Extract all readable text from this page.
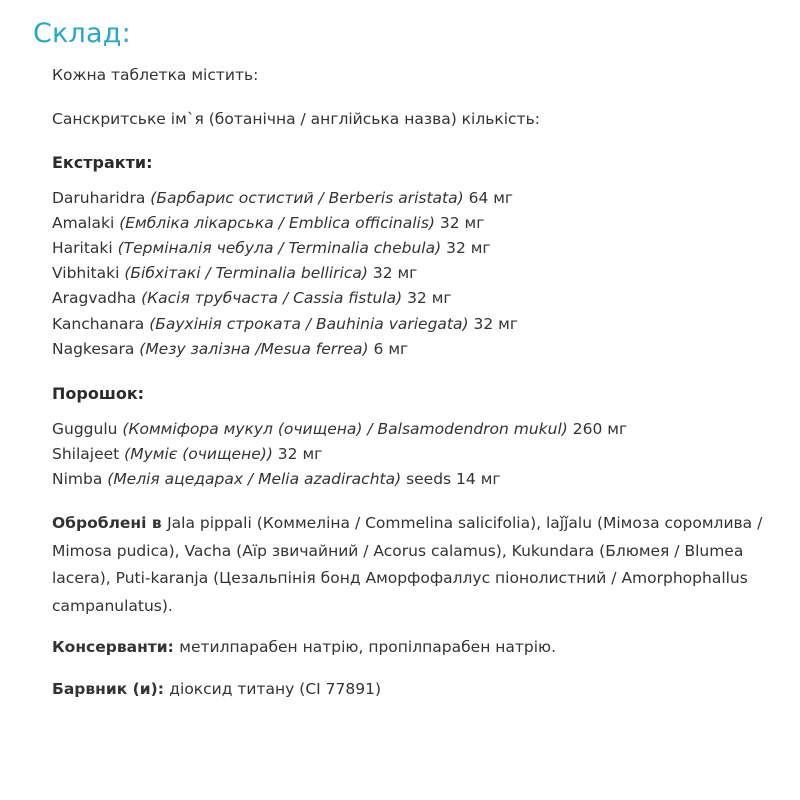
Склад:

Кожна таблетка містить:

Санскритське ім`я (ботанічна / англійська назва) кількість:

Екстракти:

Daruharidra (Барбарис остистий / Berberis aristata) 64 мг

Amalaki (Ембліка лікарська / Emblica officinalis) 32 мг

Haritaki (Термiналiя чебула / Terminalia chebula) 32 мг

Vibhitaki (Бібхітакі / Terminalia bellirica) 32 мг

Aragvadha (Касія трубчаста / Cassia fistula) 32 мг

Kanchanara (Баухінія строката / Bauhinia variegata) 32 мг

Nagkesara (Мезу залізна /Mesua ferrea) 6 мг

Порошок:

Guggulu (Коммiфора мукул (очищена) / Balsamodendron mukul) 260 мг

Shilajeet (Мумiє (очищене)) 32 мг

Nimba (Мелія ацедарах / Melia azadirachta) seeds 14 мг

Оброблені в Jala pippali (Коммеліна / Commelina salicifolia), laǰǰalu (Мімоза соромлива / Mimosa pudica), Vacha (Аїр звичайний / Acorus calamus), Kukundara (Блюмея / Blumea lacera), Puti-karanja (Цезальпінія бонд Аморфофаллус піонолистний / Amorphophallus campanulatus).

Консерванти: метилпарабен натрію, пропілпарабен натрію.

Барвник (и): діоксид титану (CI 77891)
